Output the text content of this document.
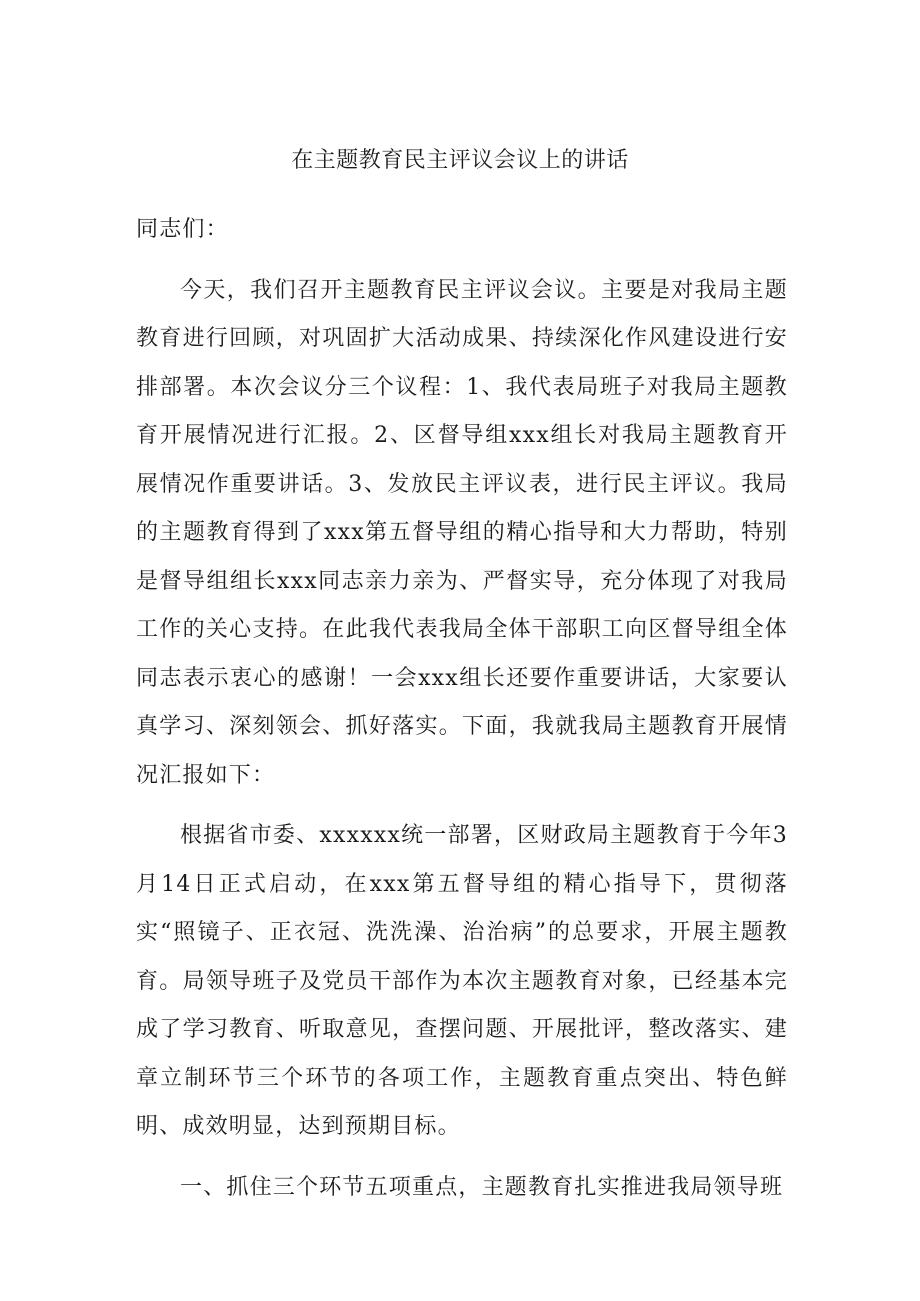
在主题教育民主评议会议上的讲话

同志们：

今天，我们召开主题教育民主评议会议。主要是对我局主题教育进行回顾，对巩固扩大活动成果、持续深化作风建设进行安排部署。本次会议分三个议程：1、我代表局班子对我局主题教育开展情况进行汇报。2、区督导组xxx组长对我局主题教育开展情况作重要讲话。3、发放民主评议表，进行民主评议。我局的主题教育得到了xxx第五督导组的精心指导和大力帮助，特别是督导组组长xxx同志亲力亲为、严督实导，充分体现了对我局工作的关心支持。在此我代表我局全体干部职工向区督导组全体同志表示衷心的感谢！一会xxx组长还要作重要讲话，大家要认真学习、深刻领会、抓好落实。下面，我就我局主题教育开展情况汇报如下：

根据省市委、xxxxxx统一部署，区财政局主题教育于今年3月14日正式启动，在xxx第五督导组的精心指导下，贯彻落实“照镜子、正衣冠、洗洗澡、治治病”的总要求，开展主题教育。局领导班子及党员干部作为本次主题教育对象，已经基本完成了学习教育、听取意见，查摆问题、开展批评，整改落实、建章立制环节三个环节的各项工作，主题教育重点突出、特色鲜明、成效明显，达到预期目标。

一、抓住三个环节五项重点，主题教育扎实推进我局领导班
